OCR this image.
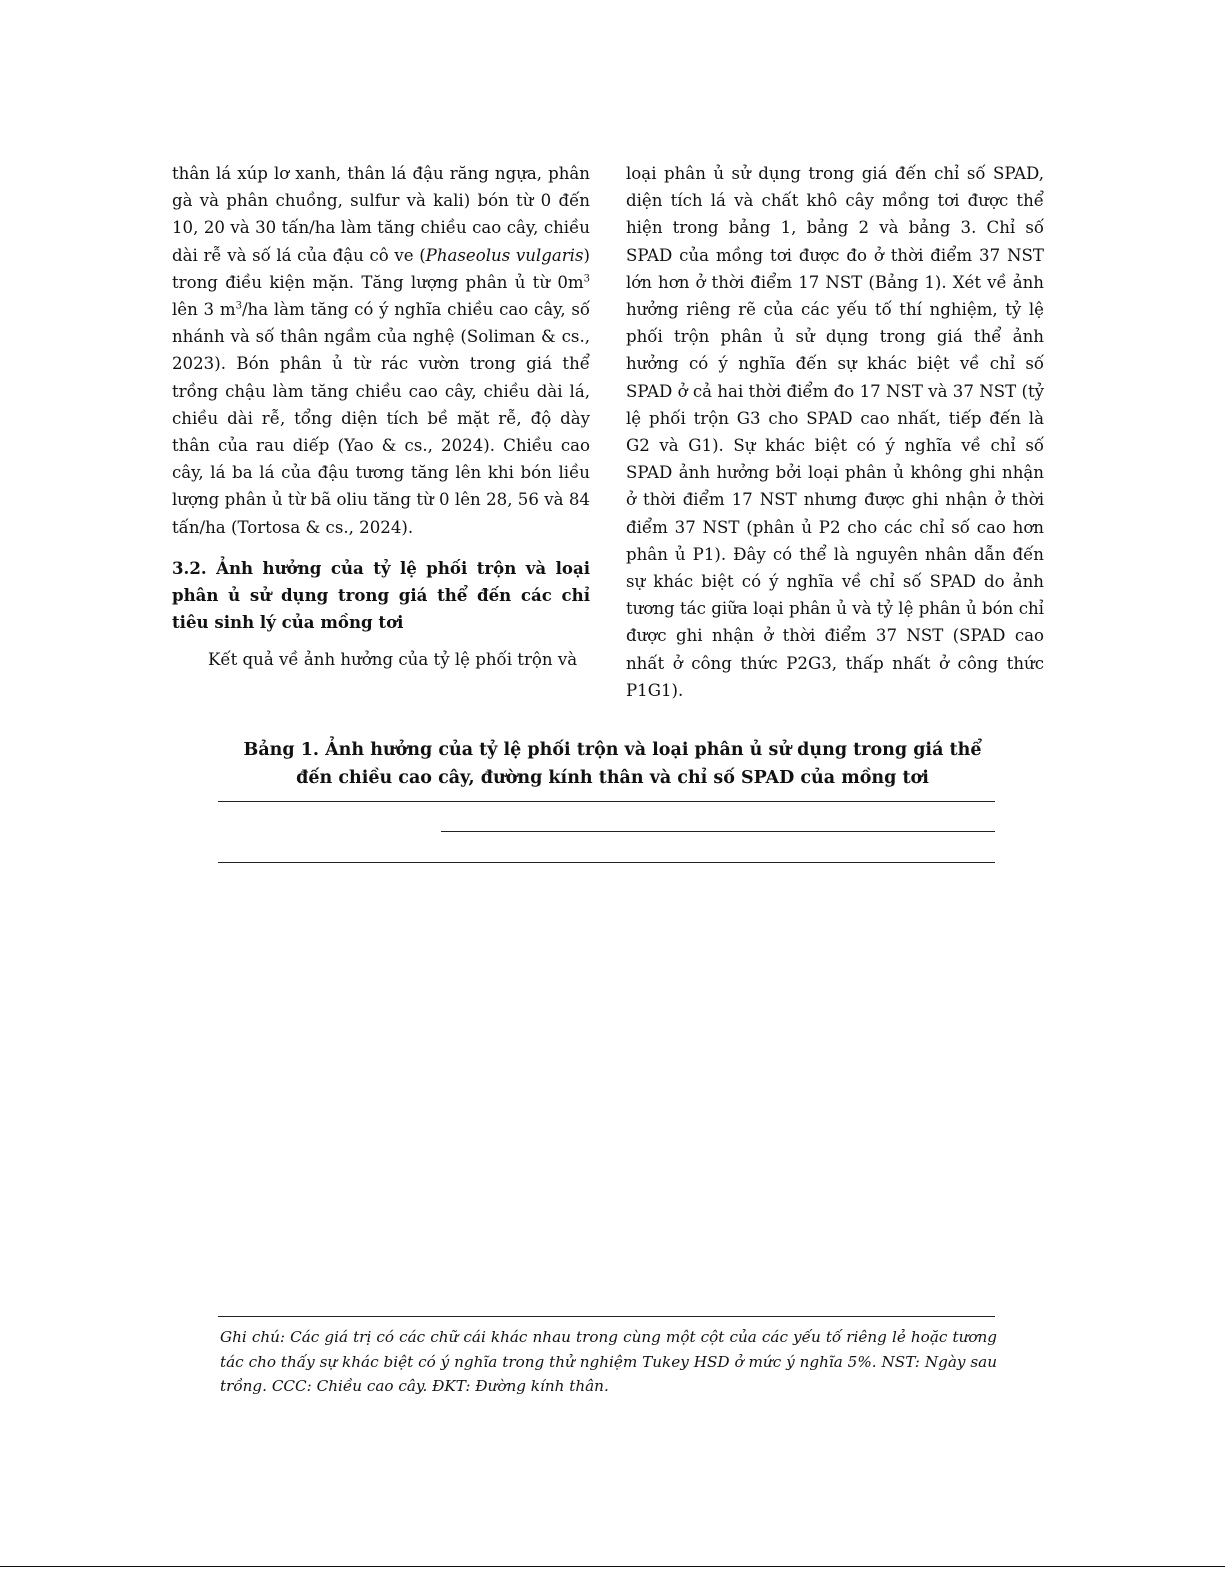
thân lá xúp lơ xanh, thân lá đậu răng ngựa, phân gà và phân chuồng, sulfur và kali) bón từ 0 đến 10, 20 và 30 tấn/ha làm tăng chiều cao cây, chiều dài rễ và số lá của đậu cô ve (Phaseolus vulgaris) trong điều kiện mặn. Tăng lượng phân ủ từ $0m^3$ lên 3 $m^3/ha$ làm tăng có ý nghĩa chiều cao cây, số nhánh và số thân ngầm của nghệ (Soliman & cs., 2023). Bón phân ủ từ rác vườn trong giá thể trồng chậu làm tăng chiều cao cây, chiều dài lá, chiều dài rễ, tổng diện tích bề mặt rễ, độ dày thân của rau diếp (Yao & cs., 2024). Chiều cao cây, lá ba lá của đậu tương tăng lên khi bón liều lượng phân ủ từ bã oliu tăng từ 0 lên 28, 56 và 84 tấn/ha (Tortosa & cs., 2024).

3.2. Ảnh hưởng của tỷ lệ phối trộn và loại phân ủ sử dụng trong giá thể đến các chỉ tiêu sinh lý của mồng tơi

Kết quả về ảnh hưởng của tỷ lệ phối trộn và

loại phân ủ sử dụng trong giá đến chỉ số SPAD, diện tích lá và chất khô cây mồng tơi được thể hiện trong bảng 1, bảng 2 và bảng 3. Chỉ số SPAD của mồng tơi được đo ở thời điểm 37 NST lớn hơn ở thời điểm 17 NST (Bảng 1). Xét về ảnh hưởng riêng rẽ của các yếu tố thí nghiệm, tỷ lệ phối trộn phân ủ sử dụng trong giá thể ảnh hưởng có ý nghĩa đến sự khác biệt về chỉ số SPAD ở cả hai thời điểm đo 17 NST và 37 NST (tỷ lệ phối trộn G3 cho SPAD cao nhất, tiếp đến là G2 và G1). Sự khác biệt có ý nghĩa về chỉ số SPAD ảnh hưởng bởi loại phân ủ không ghi nhận ở thời điểm 17 NST nhưng được ghi nhận ở thời điểm 37 NST (phân ủ P2 cho các chỉ số cao hơn phân ủ P1). Đây có thể là nguyên nhân dẫn đến sự khác biệt có ý nghĩa về chỉ số SPAD do ảnh tương tác giữa loại phân ủ và tỷ lệ phân ủ bón chỉ được ghi nhận ở thời điểm 37 NST (SPAD cao nhất ở công thức P2G3, thấp nhất ở công thức P1G1).

Bảng 1. Ảnh hưởng của tỷ lệ phối trộn và loại phân ủ sử dụng trong giá thể
đến chiều cao cây, đường kính thân và chỉ số SPAD của mồng tơi
Ghi chú: Các giá trị có các chữ cái khác nhau trong cùng một cột của các yếu tố riêng lẻ hoặc tương tác cho thấy sự khác biệt có ý nghĩa trong thử nghiệm Tukey HSD ở mức ý nghĩa 5%. NST: Ngày sau trồng. CCC: Chiều cao cây. ĐKT: Đường kính thân.
